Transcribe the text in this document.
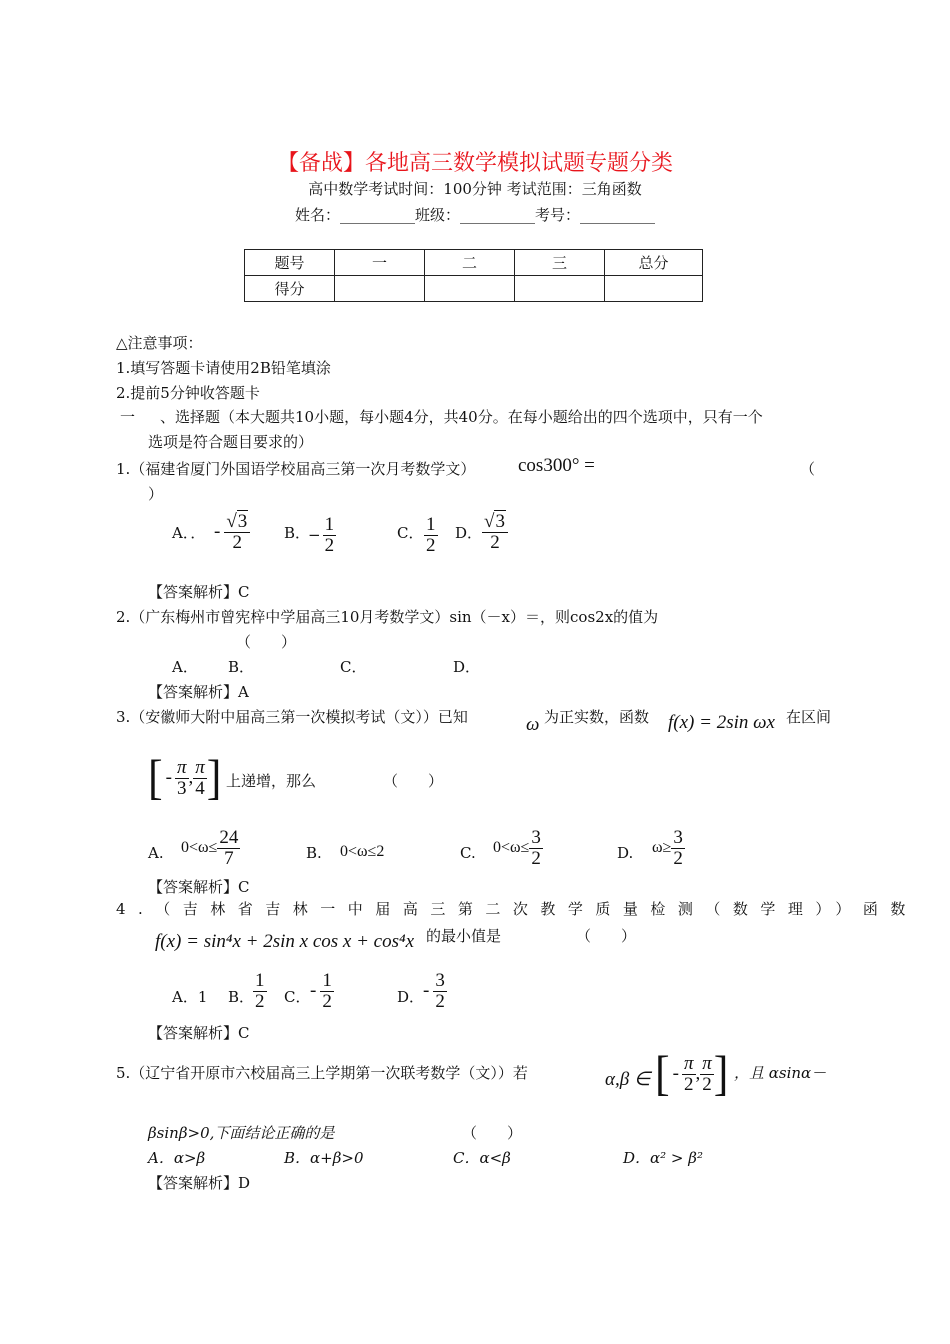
【备战】各地高三数学模拟试题专题分类
高中数学考试时间：100分钟 考试范围：三角函数
姓名：__________班级：__________考号：__________
题号	一	二	三	总分
得分				
△注意事项：
1.填写答题卡请使用2B铅笔填涂
2.提前5分钟收答题卡
一 、选择题（本大题共10小题，每小题4分，共40分。在每小题给出的四个选项中，只有一个
选项是符合题目要求的）
1.（福建省厦门外国语学校届高三第一次月考数学文） cos300° =	（
）
A．． - $\frac{√3}{2}$ B．
− $\frac{1}{2}$	C． $\frac{1}{2}$ D． $\frac{√3}{2}$
【答案解析】C
2.（广东梅州市曾宪梓中学届高三10月考数学文）sin（－x）＝，则cos2x的值为
（　　）
A． B．	C．	D．
【答案解析】A
3.（安徽师大附中届高三第一次模拟考试（文））已知	ω 为正实数，函数 f(x) = 2sin ωx 在区间
[ - $\frac{\pi}{3}$ , $\frac{\pi}{4}$ ] 上递增，那么	（　　）
A. $0<\omega\le \frac{24}{7}$	B. 0<ω≤2	C. $0<\omega\le \frac{3}{2}$	D. $\omega\ge \frac{3}{2}$
【答案解析】C
4.（吉林省吉林一中届高三第二次教学质量检测（数学理））函数
f(x) = sin⁴x + 2sin x cos x + cos⁴x 的最小值是	（　　）
A．1 B．
$\frac{1}{2}$ C． - $\frac{1}{2}$	D．
- $\frac{3}{2}$
【答案解析】C
5.（辽宁省开原市六校届高三上学期第一次联考数学（文））若	α,β ∈ [ - $\frac{\pi}{2}$ , $\frac{\pi}{2}$ ] ，且 αsinα－
βsinβ>0,下面结论正确的是	（　　）
A．α>β	B．α+β>0	C．α<β	D．α² > β²
【答案解析】D
